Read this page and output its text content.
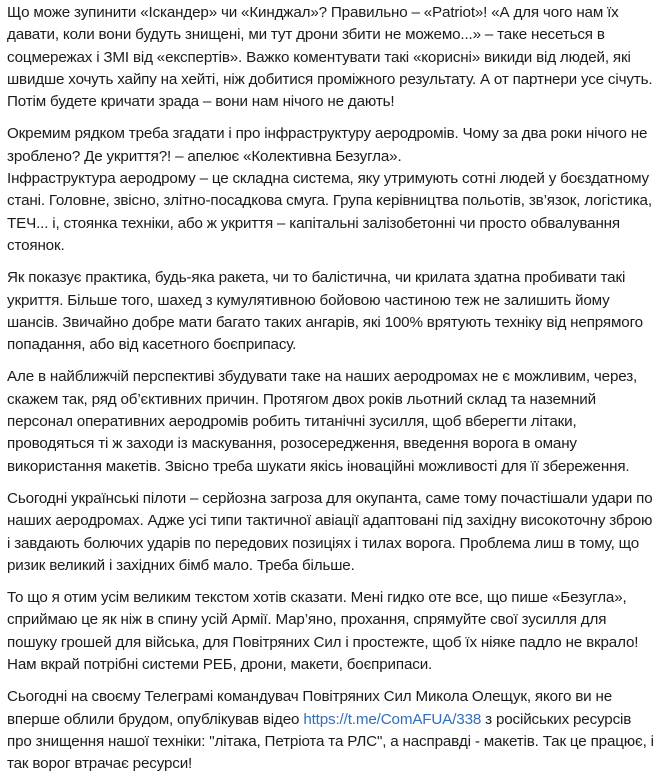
Що може зупинити «Іскандер» чи «Кинджал»? Правильно – «Patriot»! «А для чого нам їх давати, коли вони будуть знищені, ми тут дрони збити не можемо...» – таке несеться в соцмережах і ЗМІ від «експертів». Важко коментувати такі «корисні» викиди від людей, які швидше хочуть хайпу на хейті, ніж добитися проміжного результату. А от партнери усе січуть. Потім будете кричати зрада – вони нам нічого не дають!

Окремим рядком треба згадати і про інфраструктуру аеродромів. Чому за два роки нічого не зроблено? Де укриття?! – апелює «Колективна Безугла».
Інфраструктура аеродрому – це складна система, яку утримують сотні людей у боєздатному стані. Головне, звісно, злітно-посадкова смуга. Група керівництва польотів, зв’язок, логістика, ТЕЧ... і, стоянка техніки, або ж укриття – капітальні залізобетонні чи просто обвалування стоянок.

Як показує практика, будь-яка ракета, чи то балістична, чи крилата здатна пробивати такі укриття. Більше того, шахед з кумулятивною бойовою частиною теж не залишить йому шансів. Звичайно добре мати багато таких ангарів, які 100% врятують техніку від непрямого попадання, або від касетного боєприпасу.

Але в найближчій перспективі збудувати таке на наших аеродромах не є можливим, через, скажем так, ряд об’єктивних причин. Протягом двох років льотний склад та наземний персонал оперативних аеродромів робить титанічні зусилля, щоб вберегти літаки, проводяться ті ж заходи із маскування, розосередження, введення ворога в оману використання макетів. Звісно треба шукати якісь іноваційні можливості для її збереження.

Сьогодні українські пілоти – серйозна загроза для окупанта, саме тому почастішали удари по наших аеродромах. Адже усі типи тактичної авіації адаптовані під західну високоточну зброю і завдають болючих ударів по передових позиціях і тилах ворога. Проблема лиш в тому, що ризик великий і західних бімб мало. Треба більше.

То що я отим усім великим текстом хотів сказати. Мені гидко оте все, що пише «Безугла», сприймаю це як ніж в спину усій Армії. Мар’яно, прохання, спрямуйте свої зусилля для пошуку грошей для війська, для Повітряних Сил і простежте, щоб їх нiяке падло не вкрало! Нам вкрай потрібні системи РЕБ, дрони, макети, боєприпаси.

Сьогодні на своєму Телеграмі командувач Повітряних Сил Микола Олещук, якого ви не вперше облили брудом, опублікував відео https://t.me/ComAFUA/338 з російських ресурсів про знищення нашої техніки: "літака, Петріота та РЛС", а насправді - макетів. Так це працює, і так ворог втрачає ресурси!
